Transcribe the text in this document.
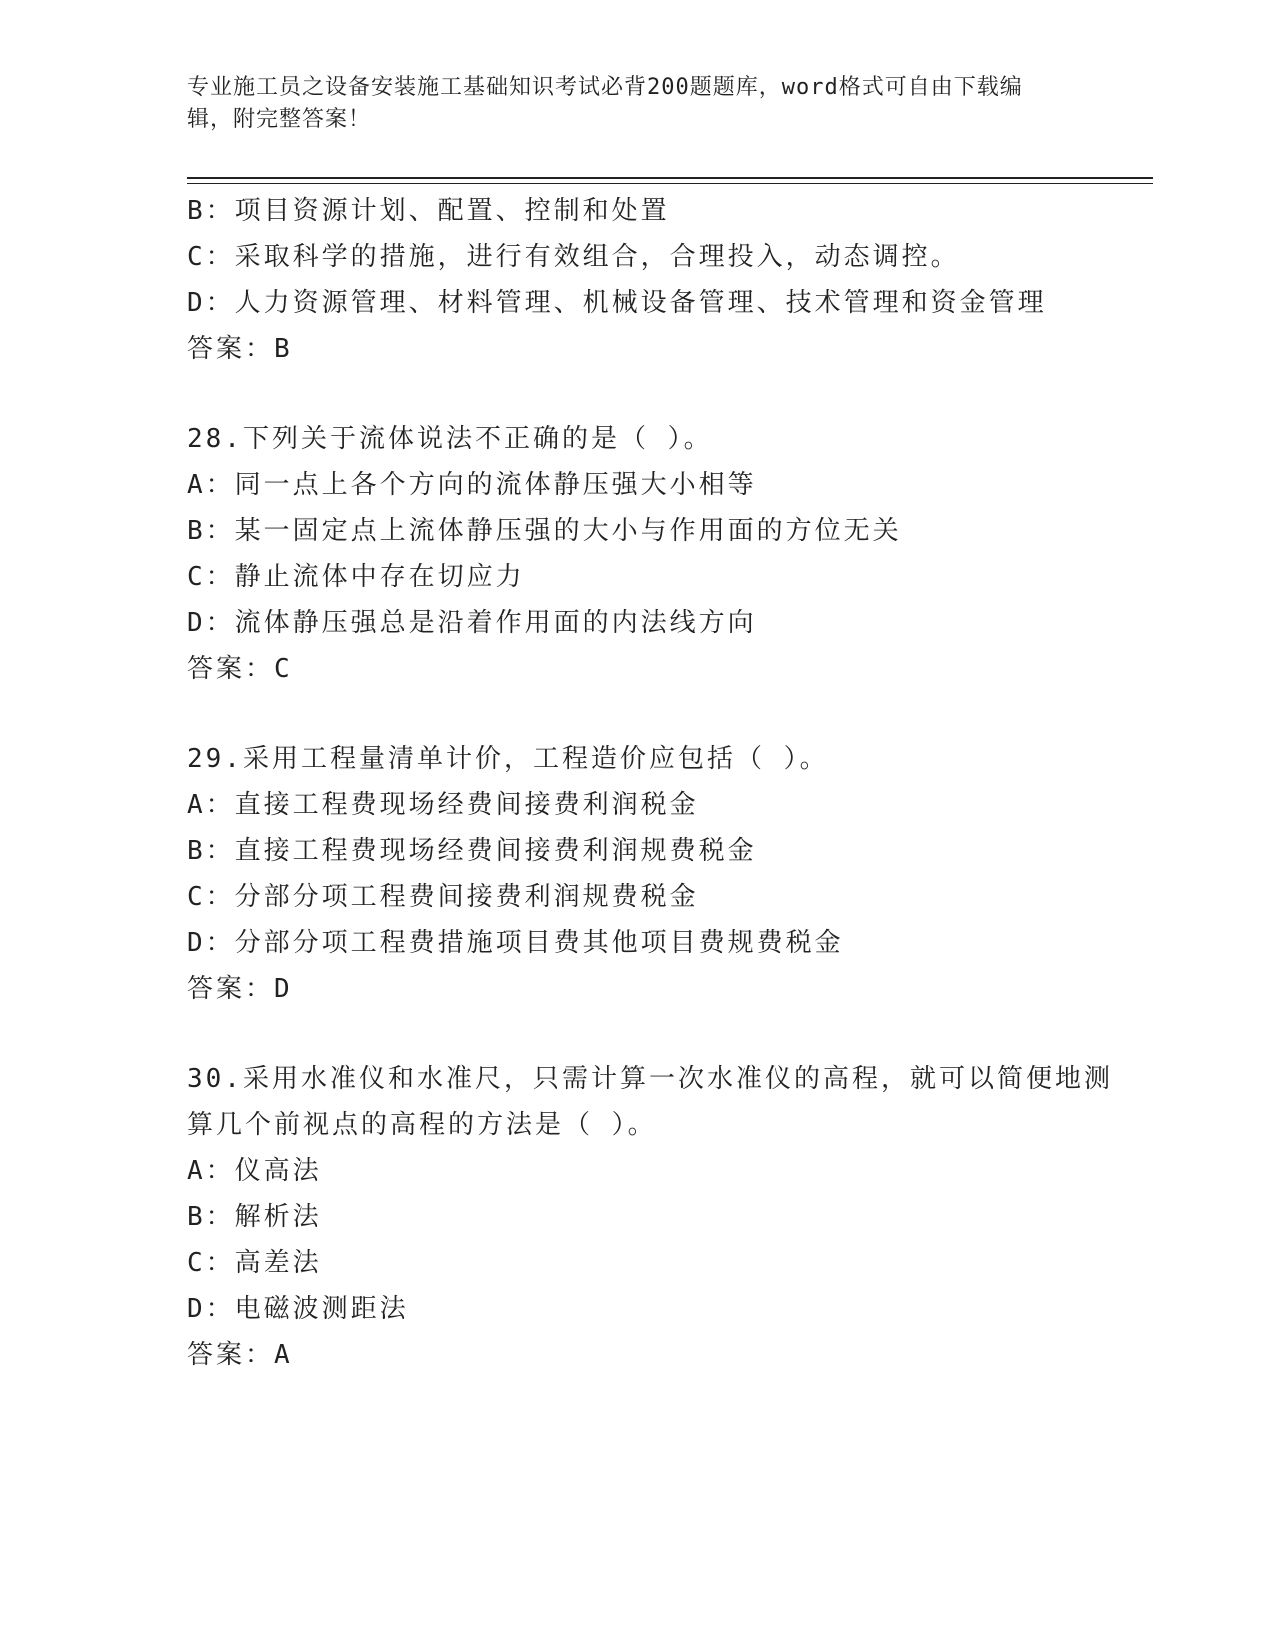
专业施工员之设备安装施工基础知识考试必背200题题库，word格式可自由下载编辑，附完整答案！
B：项目资源计划、配置、控制和处置
C：采取科学的措施，进行有效组合，合理投入，动态调控。
D：人力资源管理、材料管理、机械设备管理、技术管理和资金管理
答案：B
28.下列关于流体说法不正确的是（ ）。
A：同一点上各个方向的流体静压强大小相等
B：某一固定点上流体静压强的大小与作用面的方位无关
C：静止流体中存在切应力
D：流体静压强总是沿着作用面的内法线方向
答案：C
29.采用工程量清单计价，工程造价应包括（ ）。
A：直接工程费现场经费间接费利润税金
B：直接工程费现场经费间接费利润规费税金
C：分部分项工程费间接费利润规费税金
D：分部分项工程费措施项目费其他项目费规费税金
答案：D
30.采用水准仪和水准尺，只需计算一次水准仪的高程，就可以简便地测算几个前视点的高程的方法是（ ）。
A：仪高法
B：解析法
C：高差法
D：电磁波测距法
答案：A
